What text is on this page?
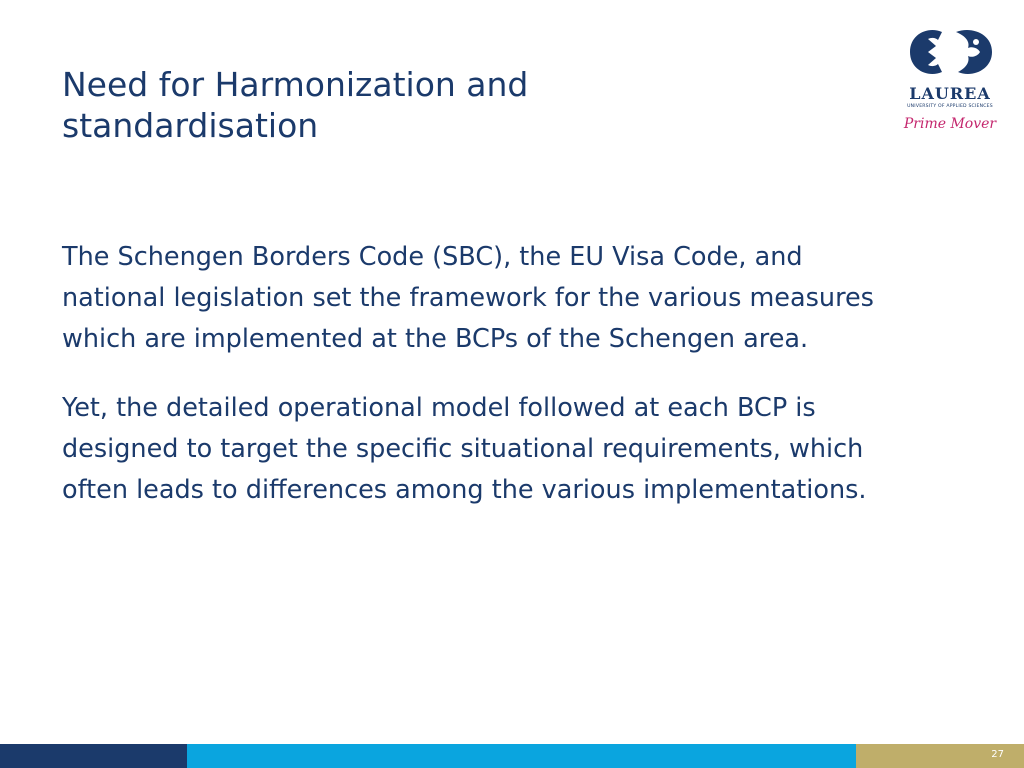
Need for Harmonization and standardisation

The Schengen Borders Code (SBC), the EU Visa Code, and national legislation set the framework for the various measures which are implemented at the BCPs of the Schengen area.

Yet, the detailed operational model followed at each BCP is designed to target the specific situational requirements, which often leads to differences among the various implementations.

LAUREA
UNIVERSITY OF APPLIED SCIENCES
Prime Mover
27
